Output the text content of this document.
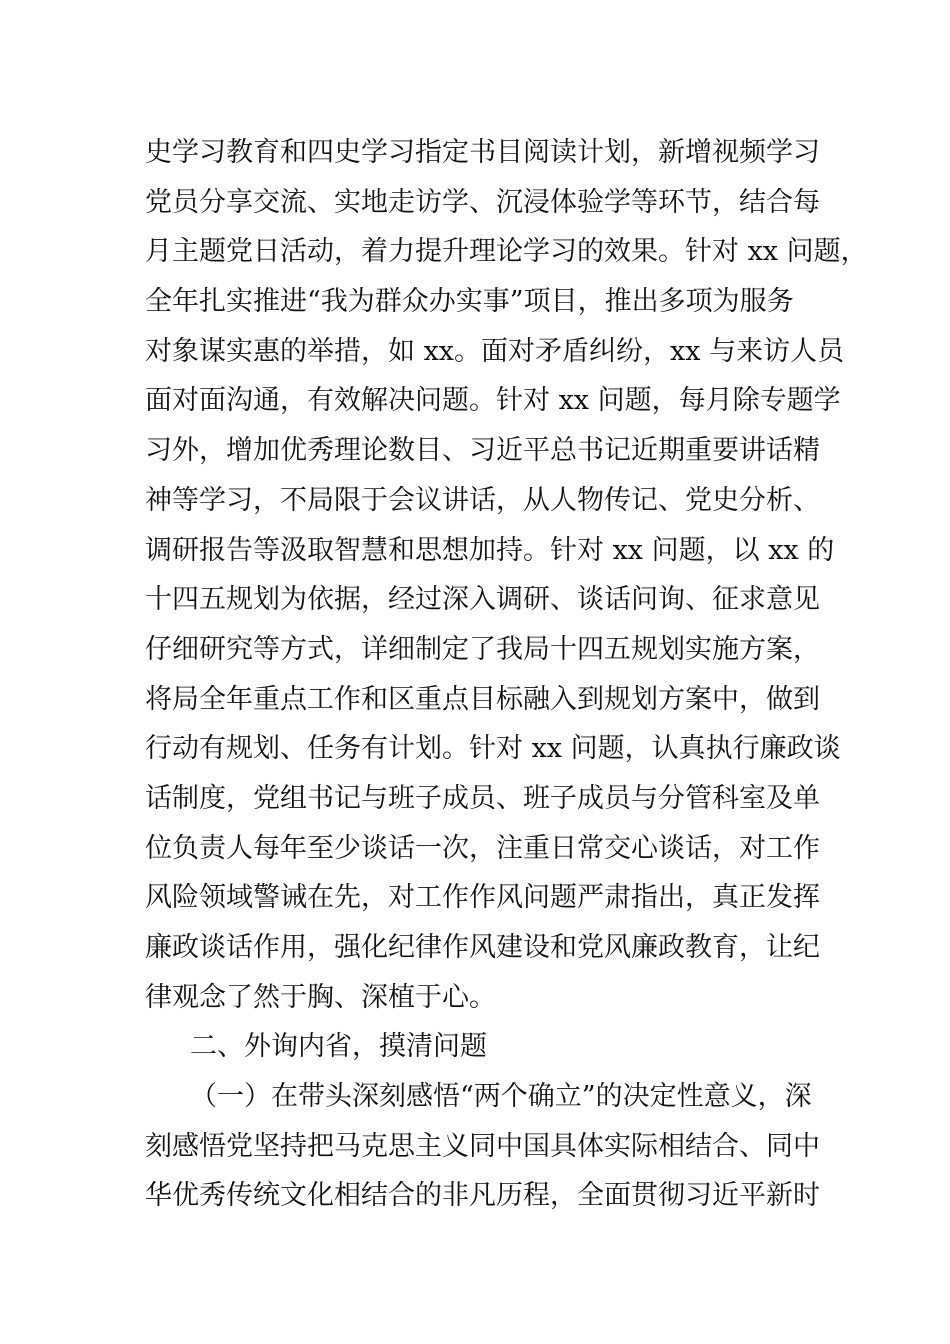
史学习教育和四史学习指定书目阅读计划，新增视频学习
党员分享交流、实地走访学、沉浸体验学等环节，结合每
月主题党日活动，着力提升理论学习的效果。针对 xx 问题，
全年扎实推进“我为群众办实事”项目，推出多项为服务
对象谋实惠的举措，如 xx。面对矛盾纠纷，xx 与来访人员
面对面沟通，有效解决问题。针对 xx 问题，每月除专题学
习外，增加优秀理论数目、习近平总书记近期重要讲话精
神等学习，不局限于会议讲话，从人物传记、党史分析、
调研报告等汲取智慧和思想加持。针对 xx 问题，以 xx 的
十四五规划为依据，经过深入调研、谈话问询、征求意见
仔细研究等方式，详细制定了我局十四五规划实施方案，
将局全年重点工作和区重点目标融入到规划方案中，做到
行动有规划、任务有计划。针对 xx 问题，认真执行廉政谈
话制度，党组书记与班子成员、班子成员与分管科室及单
位负责人每年至少谈话一次，注重日常交心谈话，对工作
风险领域警诫在先，对工作作风问题严肃指出，真正发挥
廉政谈话作用，强化纪律作风建设和党风廉政教育，让纪
律观念了然于胸、深植于心。
二、外询内省，摸清问题
（一）在带头深刻感悟“两个确立”的决定性意义，深
刻感悟党坚持把马克思主义同中国具体实际相结合、同中
华优秀传统文化相结合的非凡历程，全面贯彻习近平新时
